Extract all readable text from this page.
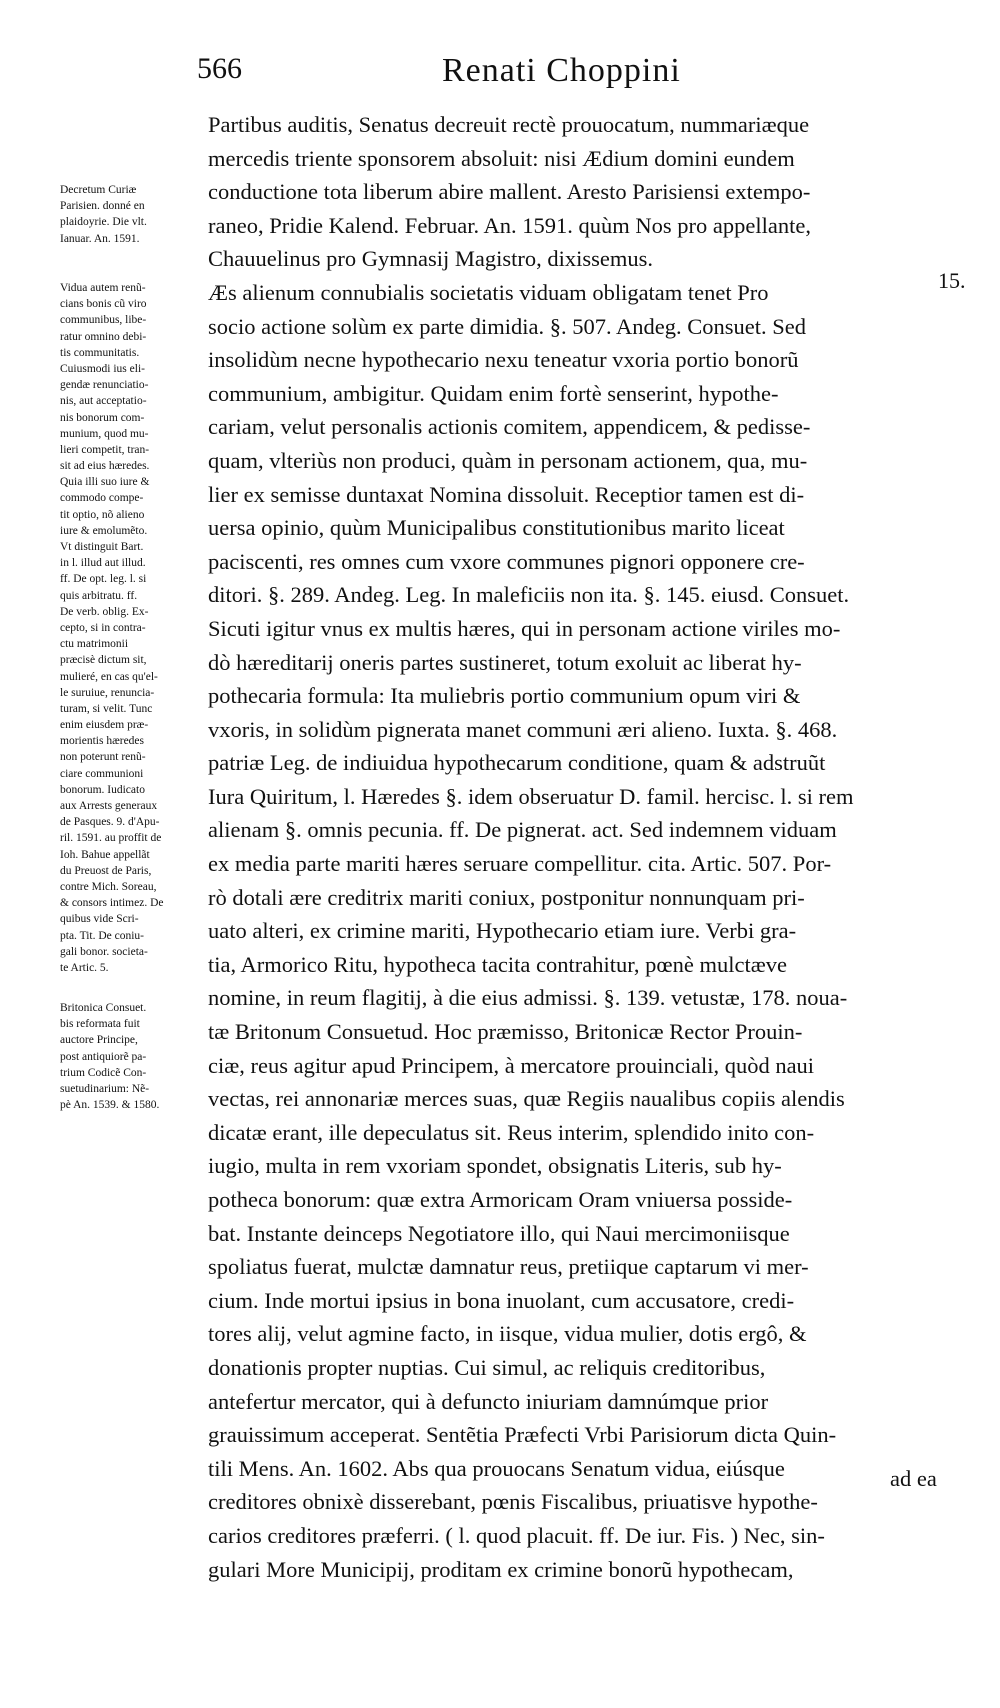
566	Renati Choppini
Partibus auditis, Senatus decreuit rectè prouocatum, nummariæque
mercedis triente sponsorem absoluit: nisi Ædium domini eundem
conductione tota liberum abire mallent. Aresto Parisiensi extempo-
raneo, Pridie Kalend. Februar. An. 1591. quùm Nos pro appellante,
Chauuelinus pro Gymnasij Magistro, dixissemus.
Æs alienum connubialis societatis viduam obligatam tenet Pro
socio actione solùm ex parte dimidia. §. 507. Andeg. Consuet. Sed
insolidùm necne hypothecario nexu teneatur vxoria portio bonorũ
communium, ambigitur. Quidam enim fortè senserint, hypothe-
cariam, velut personalis actionis comitem, appendicem, & pedisse-
quam, vlteriùs non produci, quàm in personam actionem, qua, mu-
lier ex semisse duntaxat Nomina dissoluit. Receptior tamen est di-
uersa opinio, quùm Municipalibus constitutionibus marito liceat
paciscenti, res omnes cum vxore communes pignori opponere cre-
ditori. §. 289. Andeg. Leg. In maleficiis non ita. §. 145. eiusd. Consuet.
Sicuti igitur vnus ex multis hæres, qui in personam actione viriles mo-
dò hæreditarij oneris partes sustineret, totum exoluit ac liberat hy-
pothecaria formula: Ita muliebris portio communium opum viri &
vxoris, in solidùm pignerata manet communi æri alieno. Iuxta. §. 468.
patriæ Leg. de indiuidua hypothecarum conditione, quam & adstruũt
Iura Quiritum, l. Hæredes §. idem obseruatur D. famil. hercisc. l. si rem
alienam §. omnis pecunia. ff. De pignerat. act. Sed indemnem viduam
ex media parte mariti hæres seruare compellitur. cita. Artic. 507. Por-
rò dotali ære creditrix mariti coniux, postponitur nonnunquam pri-
uato alteri, ex crimine mariti, Hypothecario etiam iure. Verbi gra-
tia, Armorico Ritu, hypotheca tacita contrahitur, pœnè mulctæve
nomine, in reum flagitij, à die eius admissi. §. 139. vetustæ, 178. noua-
tæ Britonum Consuetud. Hoc præmisso, Britonicæ Rector Prouin-
ciæ, reus agitur apud Principem, à mercatore prouinciali, quòd naui
vectas, rei annonariæ merces suas, quæ Regiis naualibus copiis alendis
dicatæ erant, ille depeculatus sit. Reus interim, splendido inito con-
iugio, multa in rem vxoriam spondet, obsignatis Literis, sub hy-
potheca bonorum: quæ extra Armoricam Oram vniuersa posside-
bat. Instante deinceps Negotiatore illo, qui Naui mercimoniisque
spoliatus fuerat, mulctæ damnatur reus, pretiique captarum vi mer-
cium. Inde mortui ipsius in bona inuolant, cum accusatore, credi-
tores alij, velut agmine facto, in iisque, vidua mulier, dotis ergô, &
donationis propter nuptias. Cui simul, ac reliquis creditoribus,
antefertur mercator, qui à defuncto iniuriam damnúmque prior
grauissimum acceperat. Sentẽtia Præfecti Vrbi Parisiorum dicta Quin-
tili Mens. An. 1602. Abs qua prouocans Senatum vidua, eiúsque
creditores obnixè disserebant, pœnis Fiscalibus, priuatisve hypothe-
carios creditores præferri. ( l. quod placuit. ff. De iur. Fis. ) Nec, sin-
gulari More Municipij, proditam ex crimine bonorũ hypothecam,
15.
Decretum Curiæ
Parisien. donné en
plaidoyrie. Die vlt.
Ianuar. An. 1591.
Vidua autem renũ-
cians bonis cũ viro
communibus, libe-
ratur omnino debi-
tis communitatis.
Cuiusmodi ius eli-
gendæ renunciatio-
nis, aut acceptatio-
nis bonorum com-
munium, quod mu-
lieri competit, tran-
sit ad eius hæredes.
Quia illi suo iure &
commodo compe-
tit optio, nõ alieno
iure & emolumẽto.
Vt distinguit Bart.
in l. illud aut illud.
ff. De opt. leg. l. si
quis arbitratu. ff.
De verb. oblig. Ex-
cepto, si in contra-
ctu matrimonii
præcisè dictum sit,
mulieré, en cas qu'el-
le suruiue, renuncia-
turam, si velit. Tunc
enim eiusdem præ-
morientis hæredes
non poterunt renũ-
ciare communioni
bonorum. Iudicato
aux Arrests generaux
de Pasques. 9. d'Apu-
ril. 1591. au proffit de
Ioh. Bahue appellãt
du Preuost de Paris,
contre Mich. Soreau,
& consors intimez. De
quibus vide Scri-
pta. Tit. De coniu-
gali bonor. societa-
te Artic. 5.
Britonica Consuet.
bis reformata fuit
auctore Principe,
post antiquiorẽ pa-
trium Codicẽ Con-
suetudinarium: Nẽ-
pè An. 1539. & 1580.
ad ea
